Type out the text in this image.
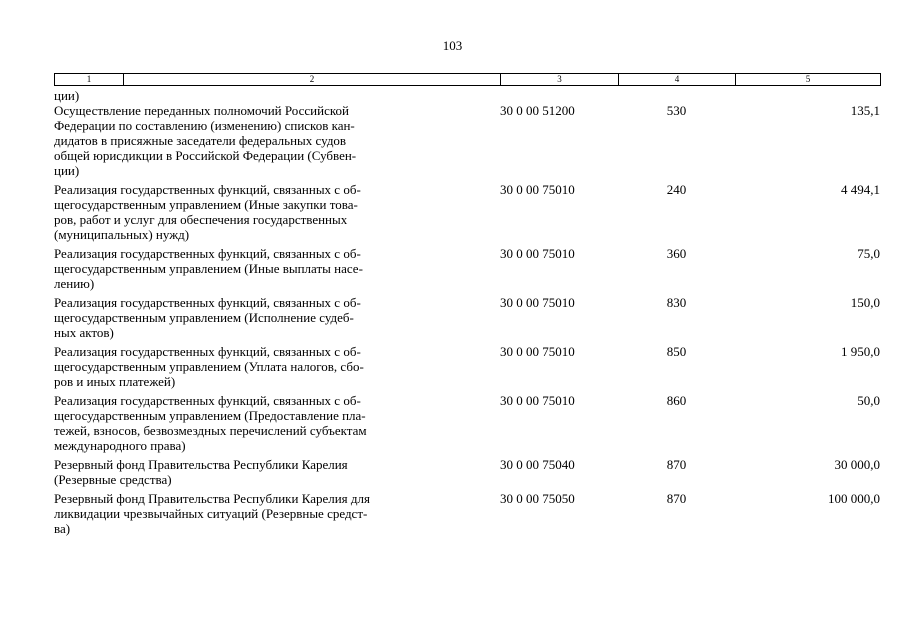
103
1	2	3	4	5
ции)			

Осуществление переданных полномочий Российской
Федерации по составлению (изменению) списков кан-
дидатов в присяжные заседатели федеральных судов
общей юрисдикции в Российской Федерации (Субвен-
ции)	30 0 00 51200	530	135,1

Реализация государственных функций, связанных с об-
щегосударственным управлением (Иные закупки това-
ров, работ и услуг для обеспечения государственных
(муниципальных) нужд)	30 0 00 75010	240	4 494,1

Реализация государственных функций, связанных с об-
щегосударственным управлением (Иные выплаты насе-
лению)	30 0 00 75010	360	75,0

Реализация государственных функций, связанных с об-
щегосударственным управлением (Исполнение судеб-
ных актов)	30 0 00 75010	830	150,0

Реализация государственных функций, связанных с об-
щегосударственным управлением (Уплата налогов, сбо-
ров и иных платежей)	30 0 00 75010	850	1 950,0

Реализация государственных функций, связанных с об-
щегосударственным управлением (Предоставление пла-
тежей, взносов, безвозмездных перечислений субъектам
международного права)	30 0 00 75010	860	50,0

Резервный фонд Правительства Республики Карелия
(Резервные средства)	30 0 00 75040	870	30 000,0

Резервный фонд Правительства Республики Карелия для
ликвидации чрезвычайных ситуаций (Резервные средст-
ва)	30 0 00 75050	870	100 000,0
